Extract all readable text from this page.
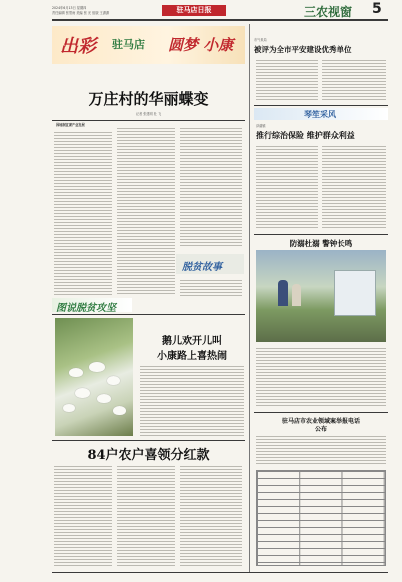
2024年6月13日 星期四
责任编辑 张思雨 美编 张 光 组版 王潇潇	驻马店日报	三农视窗 5
出彩 驻马店 圆梦 小康
万庄村的华丽蝶变
记者 张建明 杜 飞
因地制宜谋产业发展
脱贫故事
图说脱贫攻坚
鹅儿欢开儿叫
小康路上喜热闹
84户农户喜领分红款
市气象局
被评为全市平安建设优秀单位
琴笙采风
泽湖镇
推行综治保险 维护群众利益
防溺杜溺 警钟长鸣
驻马店市农业领域案举报电话
公布
